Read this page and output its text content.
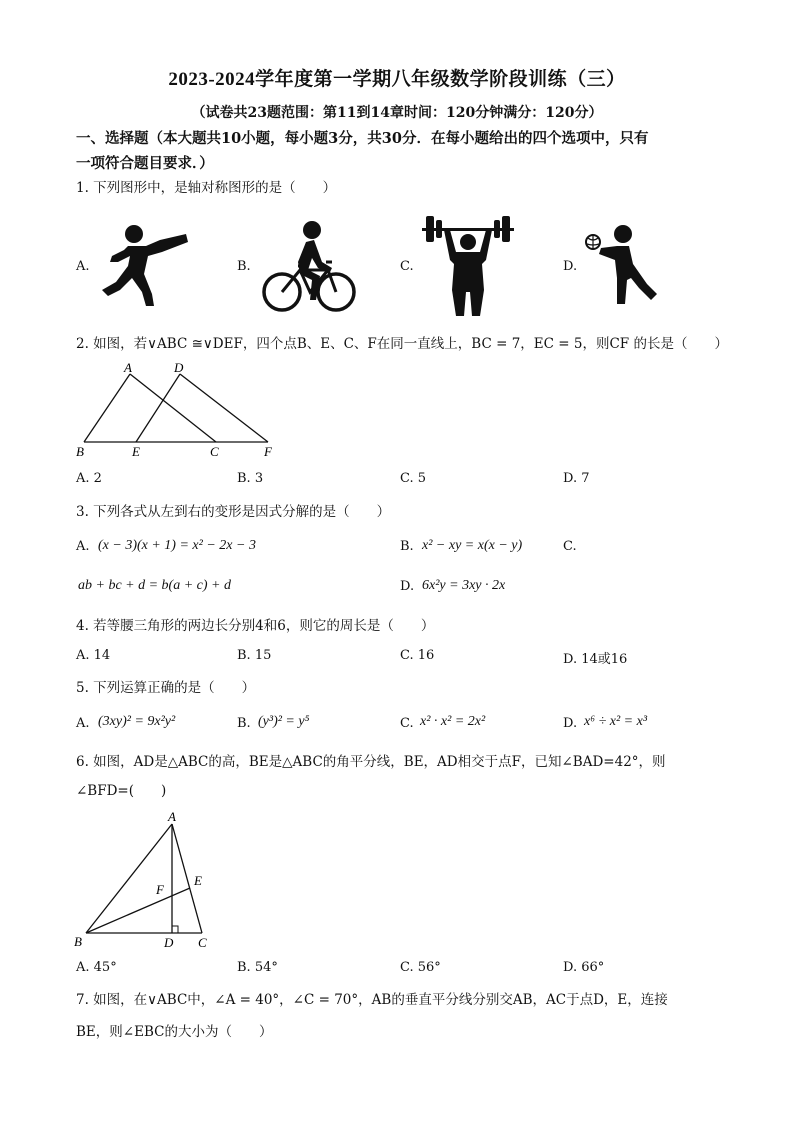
2023-2024学年度第一学期八年级数学阶段训练（三）
（试卷共23题范围：第11到14章时间：120分钟满分：120分）
一、选择题（本大题共10小题，每小题3分，共30分．在每小题给出的四个选项中，只有
一项符合题目要求．）
1. 下列图形中，是轴对称图形的是（　　）
A.	B.	C.	D.
2. 如图，若∨ABC ≅∨DEF，四个点B、E、C、F在同一直线上，BC = 7，EC = 5，则CF 的长是（　　）
A	D
B	E	C	F
A. 2	B. 3	C. 5	D. 7
3. 下列各式从左到右的变形是因式分解的是（　　）
A. (x − 3)(x + 1) = x² − 2x − 3	B. x² − xy = x(x − y)	C.
ab + bc + d = b(a + c) + d	D. 6x²y = 3xy · 2x
4. 若等腰三角形的两边长分别4和6，则它的周长是（　　）
A. 14	B. 15	C. 16	D. 14或16
5. 下列运算正确的是（　　）
A. (3xy)² = 9x²y²	B. (y³)² = y⁵	C. x² · x² = 2x²	D. x⁶ ÷ x² = x³
6. 如图，AD是△ABC的高，BE是△ABC的角平分线，BE，AD相交于点F，已知∠BAD=42°，则
∠BFD=(　　)
A
B	D C
E
F
A. 45°	B. 54°	C. 56°	D. 66°
7. 如图，在∨ABC中，∠A = 40°，∠C = 70°，AB的垂直平分线分别交AB，AC于点D，E，连接
BE，则∠EBC的大小为（　　）
